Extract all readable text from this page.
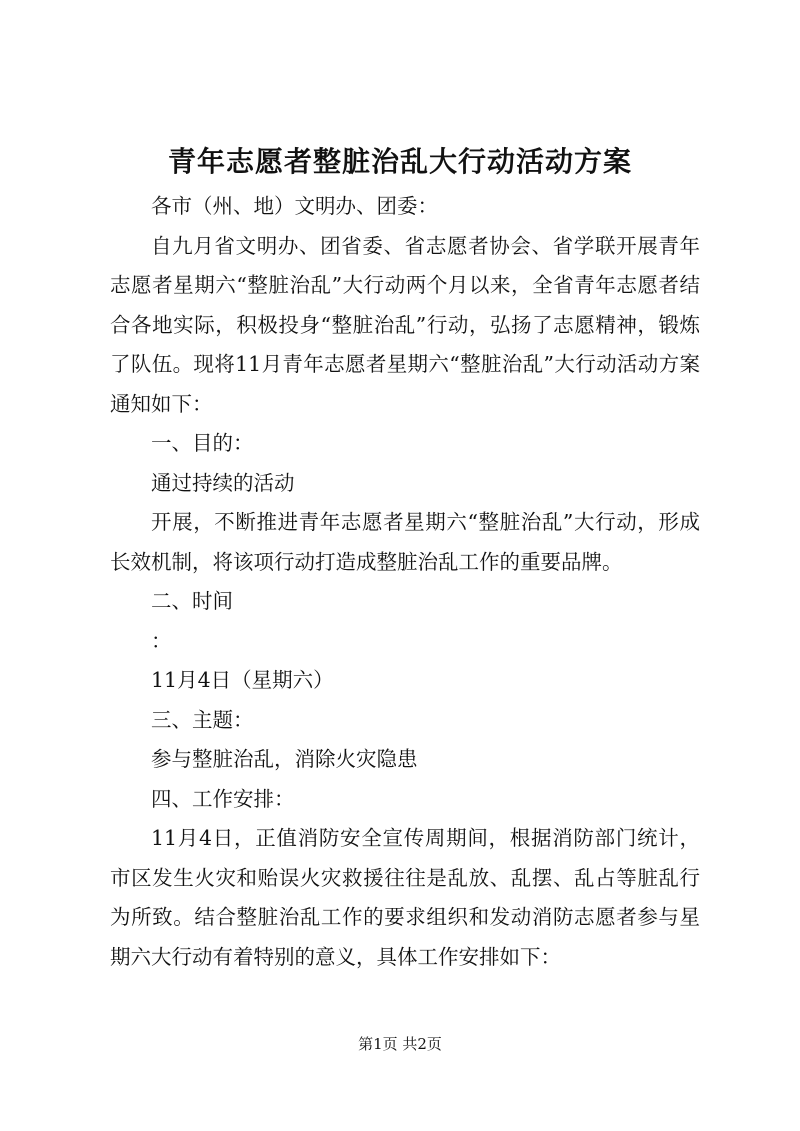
青年志愿者整脏治乱大行动活动方案

各市（州、地）文明办、团委：

自九月省文明办、团省委、省志愿者协会、省学联开展青年志愿者星期六“整脏治乱”大行动两个月以来，全省青年志愿者结合各地实际，积极投身“整脏治乱”行动，弘扬了志愿精神，锻炼了队伍。现将11月青年志愿者星期六“整脏治乱”大行动活动方案通知如下：

一、目的：

通过持续的活动

开展，不断推进青年志愿者星期六“整脏治乱”大行动，形成长效机制，将该项行动打造成整脏治乱工作的重要品牌。

二、时间

：

11月4日（星期六）

三、主题：

参与整脏治乱，消除火灾隐患

四、工作安排：

11月4日，正值消防安全宣传周期间，根据消防部门统计，市区发生火灾和贻误火灾救援往往是乱放、乱摆、乱占等脏乱行为所致。结合整脏治乱工作的要求组织和发动消防志愿者参与星期六大行动有着特别的意义，具体工作安排如下：

第1页 共2页
